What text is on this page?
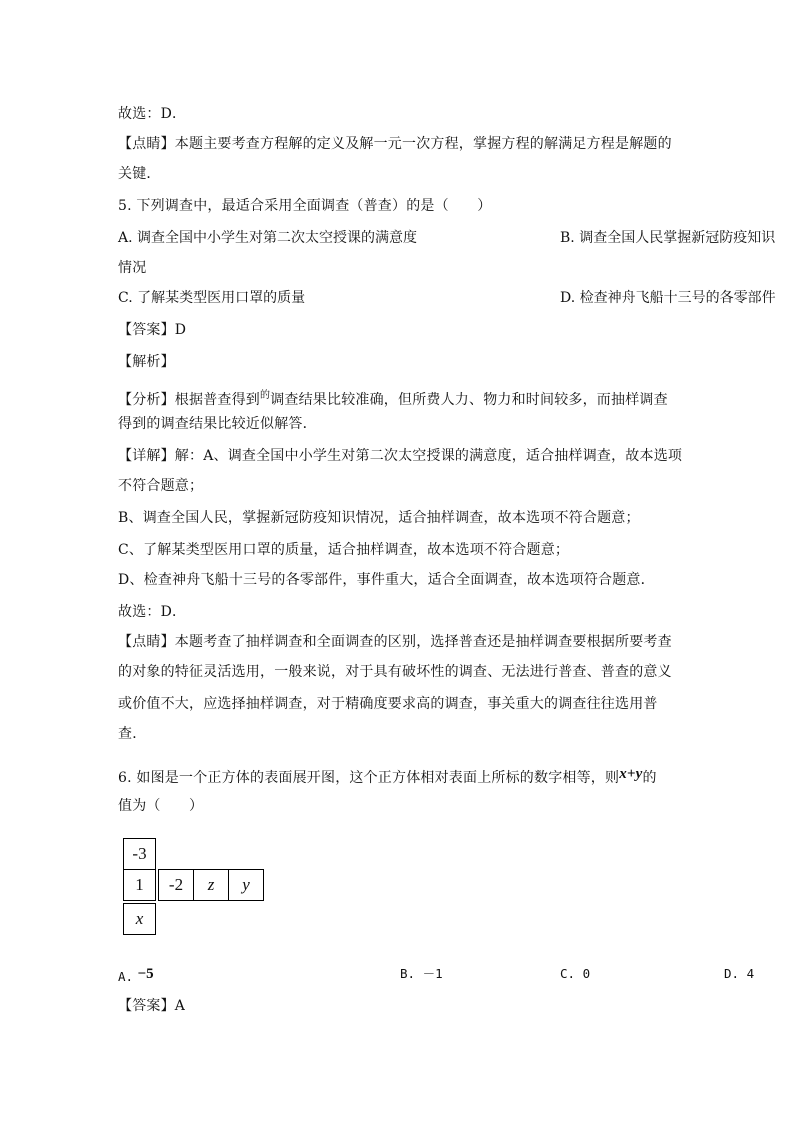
故选：D．
【点睛】本题主要考查方程解的定义及解一元一次方程，掌握方程的解满足方程是解题的
关键．
5. 下列调查中，最适合采用全面调查（普查）的是（　　）
A. 调查全国中小学生对第二次太空授课的满意度	B. 调查全国人民掌握新冠防疫知识
情况
C. 了解某类型医用口罩的质量	D. 检查神舟飞船十三号的各零部件
【答案】D
【解析】
【分析】根据普查得到$^的$调查结果比较准确，但所费人力、物力和时间较多，而抽样调查
得到的调查结果比较近似解答．
【详解】解：A、调查全国中小学生对第二次太空授课的满意度，适合抽样调查，故本选项
不符合题意；
B、调查全国人民，掌握新冠防疫知识情况，适合抽样调查，故本选项不符合题意；
C、了解某类型医用口罩的质量，适合抽样调查，故本选项不符合题意；
D、检查神舟飞船十三号的各零部件，事件重大，适合全面调查，故本选项符合题意．
故选：D．
【点睛】本题考查了抽样调查和全面调查的区别，选择普查还是抽样调查要根据所要考查
的对象的特征灵活选用，一般来说，对于具有破坏性的调查、无法进行普查、普查的意义
或价值不大，应选择抽样调查，对于精确度要求高的调查，事关重大的调查往往选用普
查．
6. 如图是一个正方体的表面展开图，这个正方体相对表面上所标的数字相等，则x+y的
值为（　　）
-3
1	-2	z	y
x
A. −5	B. －1	C. 0	D. 4
【答案】A
